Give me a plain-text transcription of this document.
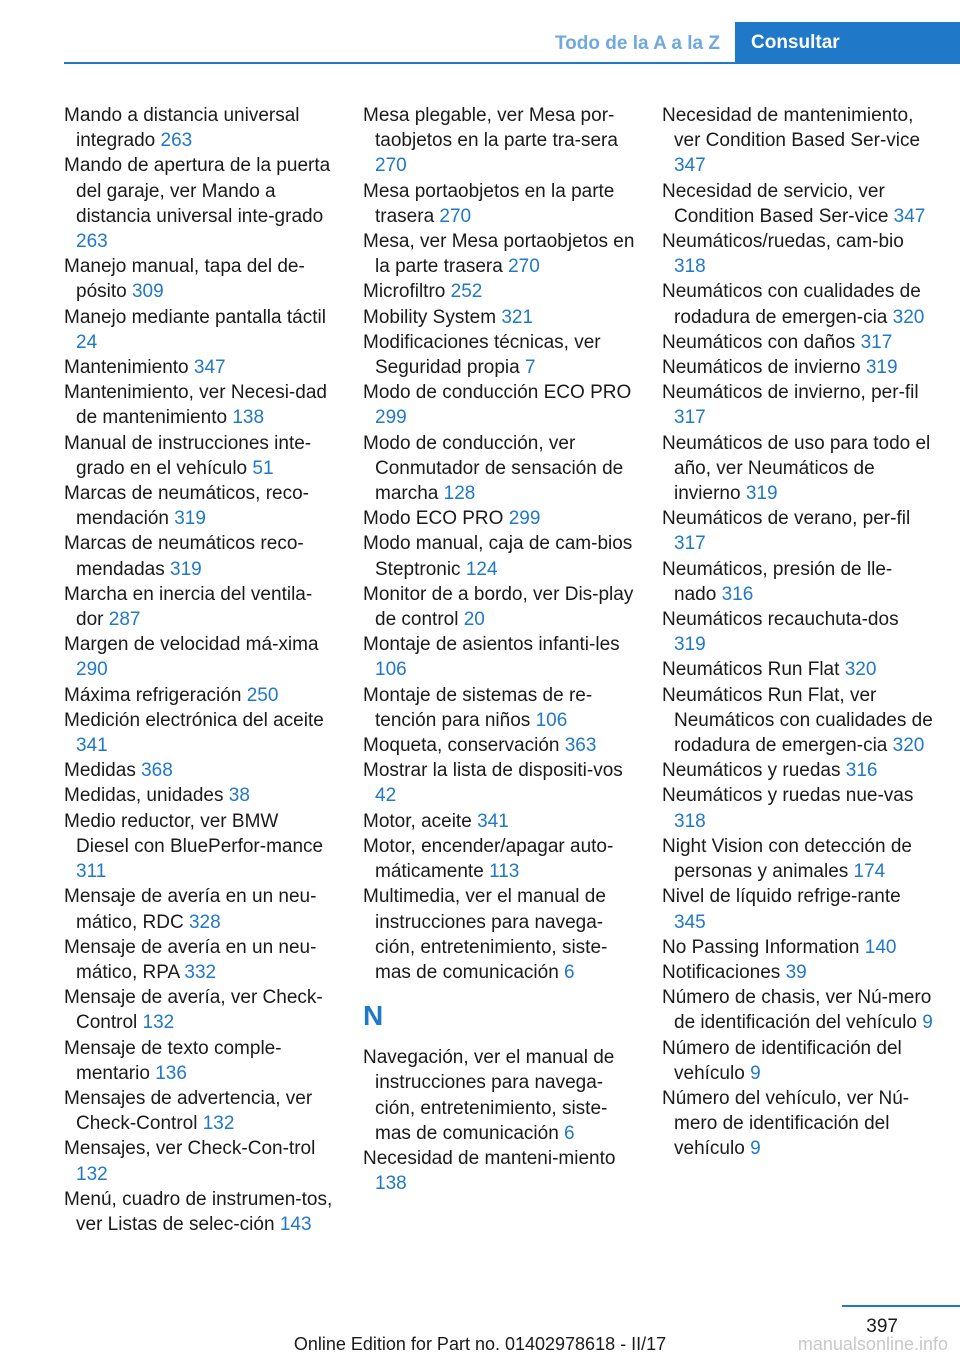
Todo de la A a la Z	Consultar

Mando a distancia universal integrado 263

Mando de apertura de la puerta del garaje, ver Mando a distancia universal inte-grado 263

Manejo manual, tapa del de-pósito 309

Manejo mediante pantalla táctil 24

Mantenimiento 347

Mantenimiento, ver Necesi-dad de mantenimiento 138

Manual de instrucciones inte-grado en el vehículo 51

Marcas de neumáticos, reco-mendación 319

Marcas de neumáticos reco-mendadas 319

Marcha en inercia del ventila-dor 287

Margen de velocidad má-xima 290

Máxima refrigeración 250

Medición electrónica del aceite 341

Medidas 368

Medidas, unidades 38

Medio reductor, ver BMW Diesel con BluePerfor-mance 311

Mensaje de avería en un neu-mático, RDC 328

Mensaje de avería en un neu-mático, RPA 332

Mensaje de avería, ver Check-Control 132

Mensaje de texto comple-mentario 136

Mensajes de advertencia, ver Check-Control 132

Mensajes, ver Check-Con-trol 132

Menú, cuadro de instrumen-tos, ver Listas de selec-ción 143

Mesa plegable, ver Mesa por-taobjetos en la parte tra-sera 270

Mesa portaobjetos en la parte trasera 270

Mesa, ver Mesa portaobjetos en la parte trasera 270

Microfiltro 252

Mobility System 321

Modificaciones técnicas, ver Seguridad propia 7

Modo de conducción ECO PRO 299

Modo de conducción, ver Conmutador de sensación de marcha 128

Modo ECO PRO 299

Modo manual, caja de cam-bios Steptronic 124

Monitor de a bordo, ver Dis-play de control 20

Montaje de asientos infanti-les 106

Montaje de sistemas de re-tención para niños 106

Moqueta, conservación 363

Mostrar la lista de dispositi-vos 42

Motor, aceite 341

Motor, encender/apagar auto-máticamente 113

Multimedia, ver el manual de instrucciones para navega-ción, entretenimiento, siste-mas de comunicación 6

N

Navegación, ver el manual de instrucciones para navega-ción, entretenimiento, siste-mas de comunicación 6

Necesidad de manteni-miento 138

Necesidad de mantenimiento, ver Condition Based Ser-vice 347

Necesidad de servicio, ver Condition Based Ser-vice 347

Neumáticos/ruedas, cam-bio 318

Neumáticos con cualidades de rodadura de emergen-cia 320

Neumáticos con daños 317

Neumáticos de invierno 319

Neumáticos de invierno, per-fil 317

Neumáticos de uso para todo el año, ver Neumáticos de invierno 319

Neumáticos de verano, per-fil 317

Neumáticos, presión de lle-nado 316

Neumáticos recauchuta-dos 319

Neumáticos Run Flat 320

Neumáticos Run Flat, ver Neumáticos con cualidades de rodadura de emergen-cia 320

Neumáticos y ruedas 316

Neumáticos y ruedas nue-vas 318

Night Vision con detección de personas y animales 174

Nivel de líquido refrige-rante 345

No Passing Information 140

Notificaciones 39

Número de chasis, ver Nú-mero de identificación del vehículo 9

Número de identificación del vehículo 9

Número del vehículo, ver Nú-mero de identificación del vehículo 9

397
Online Edition for Part no. 01402978618 - II/17	manualsonline.info
